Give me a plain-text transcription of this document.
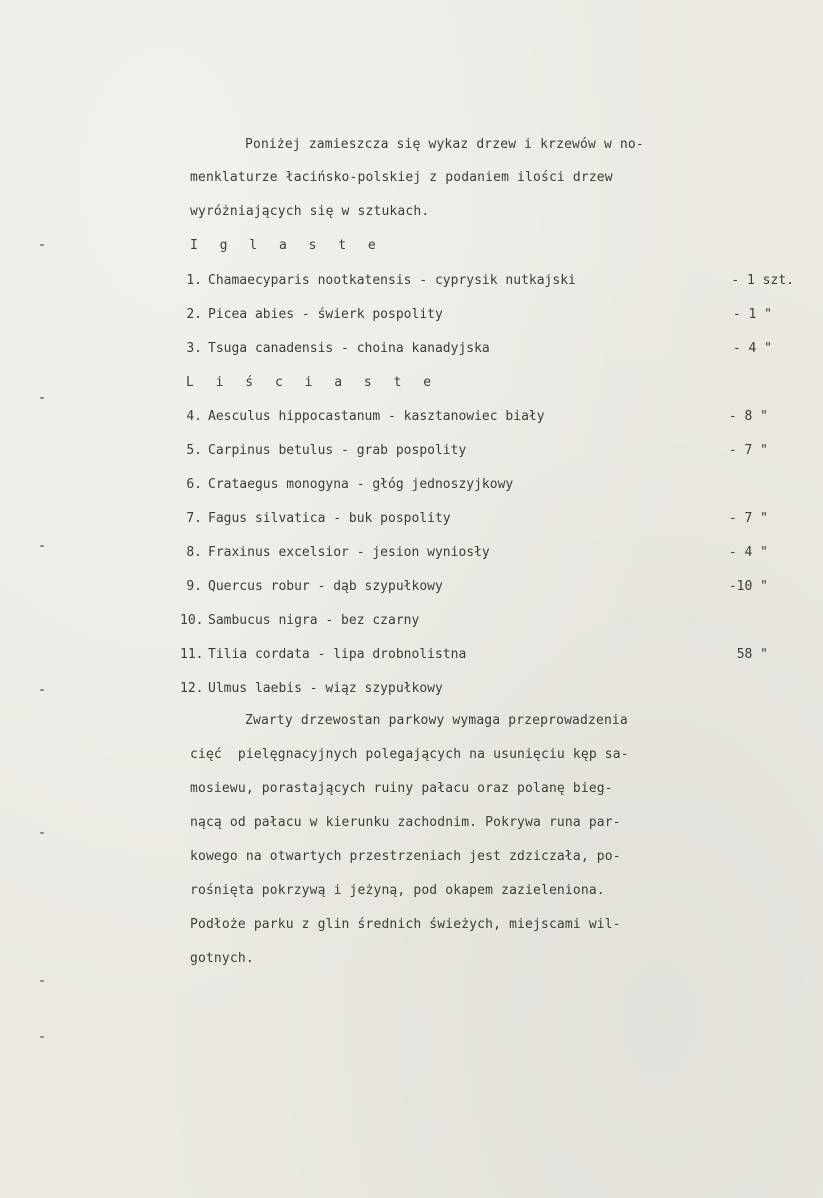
Poniżej zamieszcza się wykaz drzew i krzewów w no-
menklaturze łacińsko-polskiej z podaniem ilości drzew
wyróżniających się w sztukach.
I g l a s t e
1. Chamaecyparis nootkatensis - cyprysik nutkajski	- 1 szt.
2. Picea abies - świerk pospolity	- 1 "
3. Tsuga canadensis - choina kanadyjska	- 4 "
L i ś c i a s t e
4. Aesculus hippocastanum - kasztanowiec biały	- 8 "
5. Carpinus betulus - grab pospolity	- 7 "
6. Crataegus monogyna - głóg jednoszyjkowy
7. Fagus silvatica - buk pospolity	- 7 "
8. Fraxinus excelsior - jesion wyniosły	- 4 "
9. Quercus robur - dąb szypułkowy	-10 "
10. Sambucus nigra - bez czarny
11. Tilia cordata - lipa drobnolistna	58 "
12. Ulmus laebis - wiąz szypułkowy
Zwarty drzewostan parkowy wymaga przeprowadzenia
cięć  pielęgnacyjnych polegających na usunięciu kęp sa-
mosiewu, porastających ruiny pałacu oraz polanę bieg-
nącą od pałacu w kierunku zachodnim. Pokrywa runa par-
kowego na otwartych przestrzeniach jest zdziczała, po-
rośnięta pokrzywą i jeżyną, pod okapem zazieleniona.
Podłoże parku z glin średnich świeżych, miejscami wil-
gotnych.
